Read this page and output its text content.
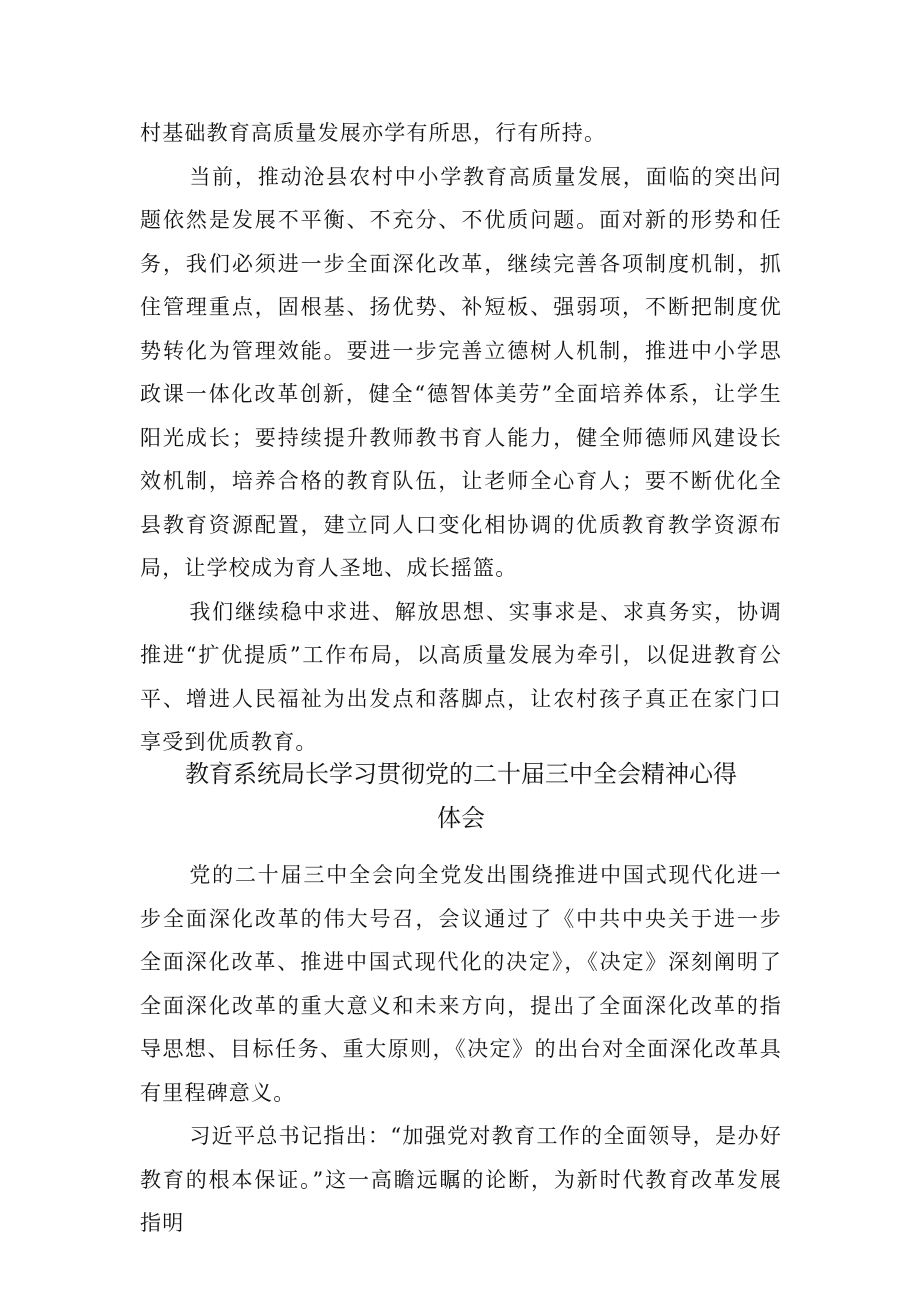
村基础教育高质量发展亦学有所思，行有所持。

当前，推动沧县农村中小学教育高质量发展，面临的突出问题依然是发展不平衡、不充分、不优质问题。面对新的形势和任务，我们必须进一步全面深化改革，继续完善各项制度机制，抓住管理重点，固根基、扬优势、补短板、强弱项，不断把制度优势转化为管理效能。要进一步完善立德树人机制，推进中小学思政课一体化改革创新，健全“德智体美劳”全面培养体系，让学生阳光成长；要持续提升教师教书育人能力，健全师德师风建设长效机制，培养合格的教育队伍，让老师全心育人；要不断优化全县教育资源配置，建立同人口变化相协调的优质教育教学资源布局，让学校成为育人圣地、成长摇篮。

我们继续稳中求进、解放思想、实事求是、求真务实，协调推进“扩优提质”工作布局，以高质量发展为牵引，以促进教育公平、增进人民福祉为出发点和落脚点，让农村孩子真正在家门口享受到优质教育。

教育系统局长学习贯彻党的二十届三中全会精神心得
体会

党的二十届三中全会向全党发出围绕推进中国式现代化进一步全面深化改革的伟大号召，会议通过了《中共中央关于进一步全面深化改革、推进中国式现代化的决定》，《决定》深刻阐明了全面深化改革的重大意义和未来方向，提出了全面深化改革的指导思想、目标任务、重大原则，《决定》的出台对全面深化改革具有里程碑意义。

习近平总书记指出：“加强党对教育工作的全面领导，是办好教育的根本保证。”这一高瞻远瞩的论断，为新时代教育改革发展指明
